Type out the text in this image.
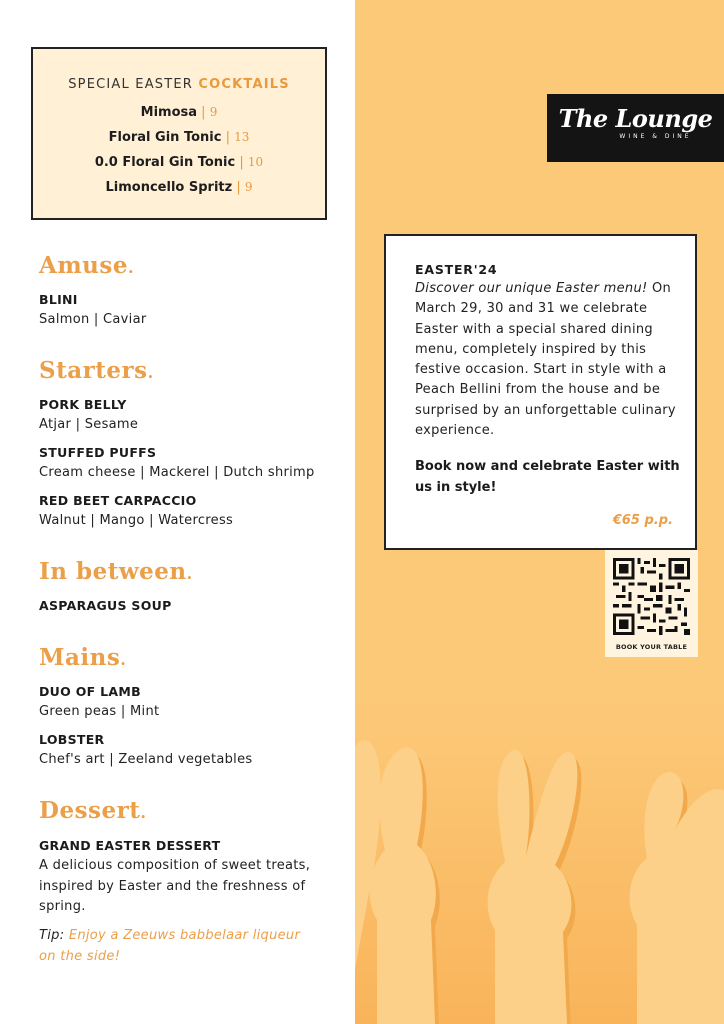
SPECIAL EASTER COCKTAILS
Mimosa | 9
Floral Gin Tonic | 13
0.0 Floral Gin Tonic | 10
Limoncello Spritz | 9
Amuse.
BLINI
Salmon | Caviar
Starters.
PORK BELLY
Atjar | Sesame
STUFFED PUFFS
Cream cheese | Mackerel | Dutch shrimp
RED BEET CARPACCIO
Walnut | Mango | Watercress
In between.
ASPARAGUS SOUP
Mains.
DUO OF LAMB
Green peas | Mint
LOBSTER
Chef's art | Zeeland vegetables
Dessert.
GRAND EASTER DESSERT
A delicious composition of sweet treats, inspired by Easter and the freshness of spring.
Tip: Enjoy a Zeeuws babbelaar liqueur on the side!
The Lounge
WINE & DINE
EASTER'24
Discover our unique Easter menu! On March 29, 30 and 31 we celebrate Easter with a special shared dining menu, completely inspired by this festive occasion. Start in style with a Peach Bellini from the house and be surprised by an unforgettable culinary experience.
Book now and celebrate Easter with us in style!
€65 p.p.
BOOK YOUR TABLE
